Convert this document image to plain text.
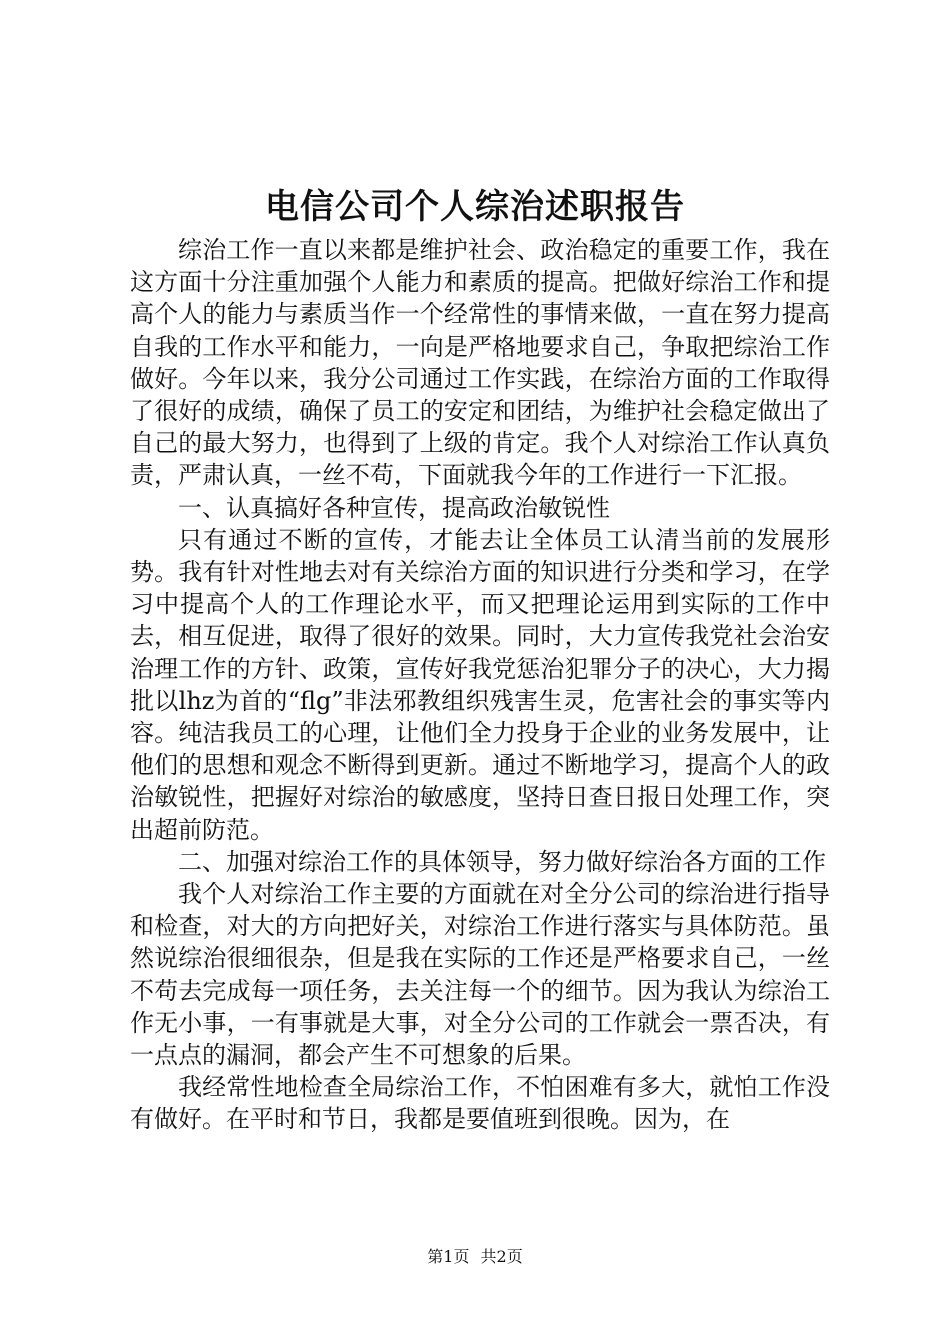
电信公司个人综治述职报告

综治工作一直以来都是维护社会、政治稳定的重要工作，我在这方面十分注重加强个人能力和素质的提高。把做好综治工作和提高个人的能力与素质当作一个经常性的事情来做，一直在努力提高自我的工作水平和能力，一向是严格地要求自己，争取把综治工作做好。今年以来，我分公司通过工作实践，在综治方面的工作取得了很好的成绩，确保了员工的安定和团结，为维护社会稳定做出了自己的最大努力，也得到了上级的肯定。我个人对综治工作认真负责，严肃认真，一丝不苟，下面就我今年的工作进行一下汇报。

一、认真搞好各种宣传，提高政治敏锐性

只有通过不断的宣传，才能去让全体员工认清当前的发展形势。我有针对性地去对有关综治方面的知识进行分类和学习，在学习中提高个人的工作理论水平，而又把理论运用到实际的工作中去，相互促进，取得了很好的效果。同时，大力宣传我党社会治安治理工作的方针、政策，宣传好我党惩治犯罪分子的决心，大力揭批以lhz为首的“flg”非法邪教组织残害生灵，危害社会的事实等内容。纯洁我员工的心理，让他们全力投身于企业的业务发展中，让他们的思想和观念不断得到更新。通过不断地学习，提高个人的政治敏锐性，把握好对综治的敏感度，坚持日查日报日处理工作，突出超前防范。

二、加强对综治工作的具体领导，努力做好综治各方面的工作

我个人对综治工作主要的方面就在对全分公司的综治进行指导和检查，对大的方向把好关，对综治工作进行落实与具体防范。虽然说综治很细很杂，但是我在实际的工作还是严格要求自己，一丝不苟去完成每一项任务，去关注每一个的细节。因为我认为综治工作无小事，一有事就是大事，对全分公司的工作就会一票否决，有一点点的漏洞，都会产生不可想象的后果。

我经常性地检查全局综治工作，不怕困难有多大，就怕工作没有做好。在平时和节日，我都是要值班到很晚。因为，在

第1页 共2页
